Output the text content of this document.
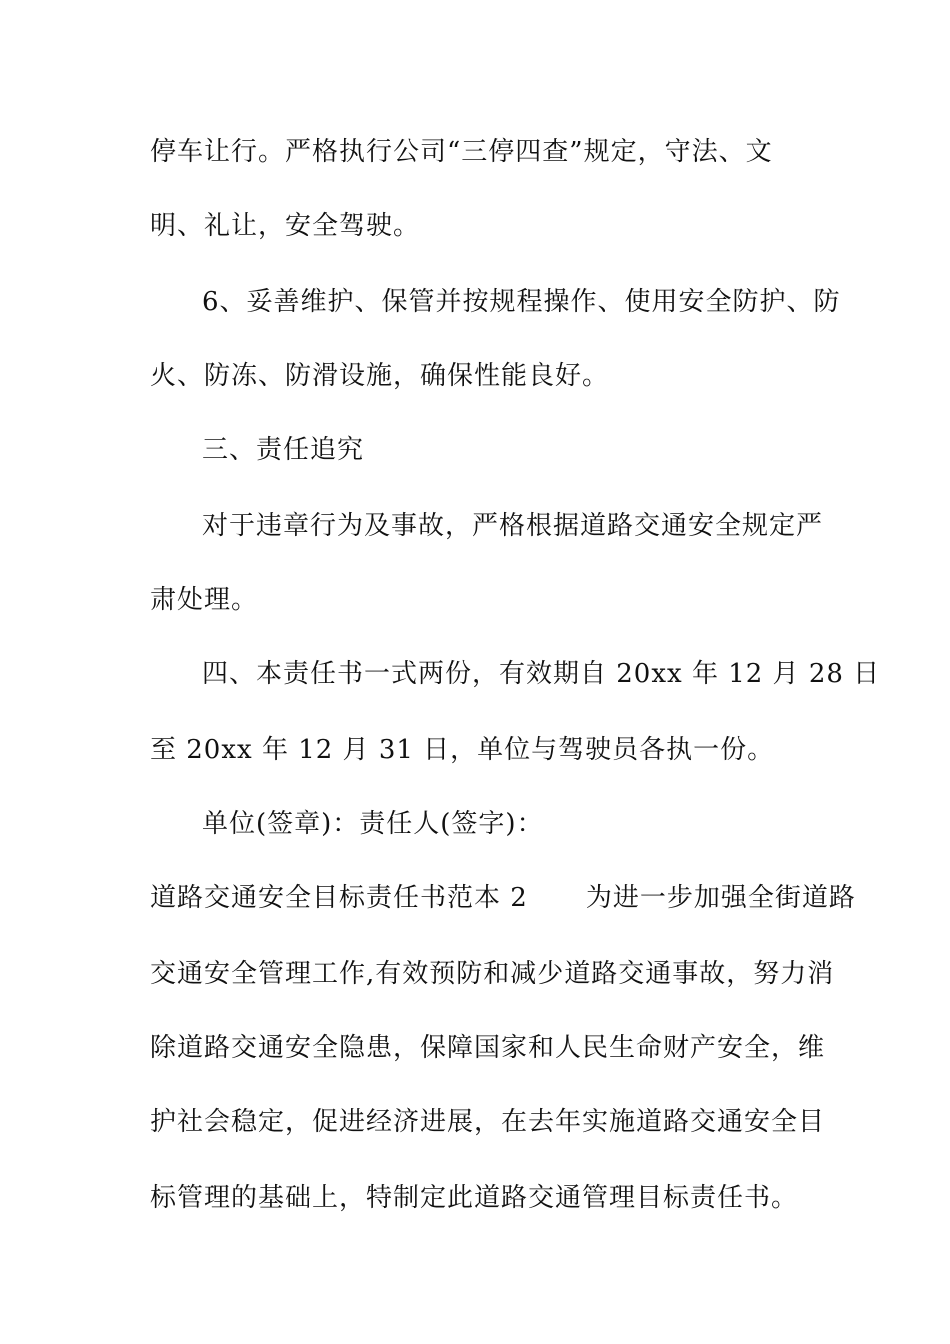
停车让行。严格执行公司“三停四查”规定，守法、文
明、礼让，安全驾驶。
6、妥善维护、保管并按规程操作、使用安全防护、防
火、防冻、防滑设施，确保性能良好。
三、责任追究
对于违章行为及事故，严格根据道路交通安全规定严
肃处理。
四、本责任书一式两份，有效期自 20xx 年 12 月 28 日
至 20xx 年 12 月 31 日，单位与驾驶员各执一份。
单位(签章)：责任人(签字)：
道路交通安全目标责任书范本 2 为进一步加强全街道路
交通安全管理工作,有效预防和减少道路交通事故，努力消
除道路交通安全隐患，保障国家和人民生命财产安全，维
护社会稳定，促进经济进展，在去年实施道路交通安全目
标管理的基础上，特制定此道路交通管理目标责任书。
